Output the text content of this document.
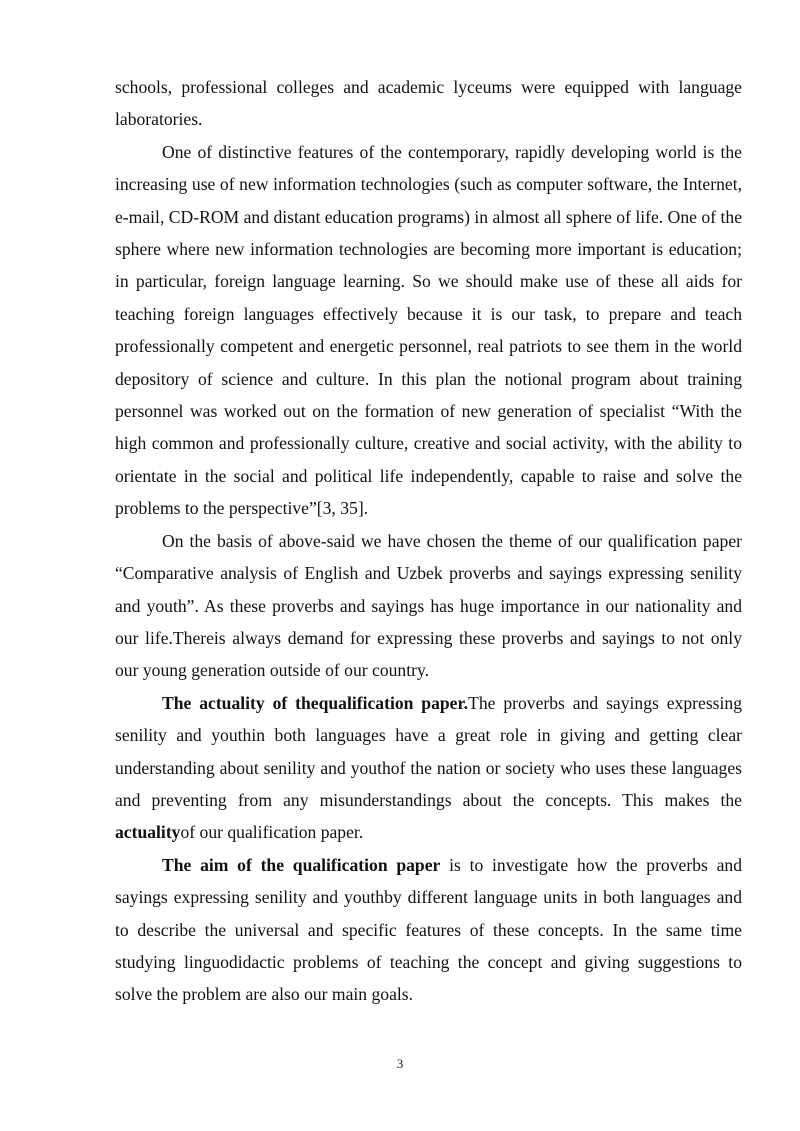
schools, professional colleges and academic lyceums were equipped with language laboratories.

One of distinctive features of the contemporary, rapidly developing world is the increasing use of new information technologies (such as computer software, the Internet, e-mail, CD-ROM and distant education programs) in almost all sphere of life. One of the sphere where new information technologies are becoming more important is education; in particular, foreign language learning. So we should make use of these all aids for teaching foreign languages effectively because it is our task, to prepare and teach professionally competent and energetic personnel, real patriots to see them in the world depository of science and culture. In this plan the notional program about training personnel was worked out on the formation of new generation of specialist “With the high common and professionally culture, creative and social activity, with the ability to orientate in the social and political life independently, capable to raise and solve the problems to the perspective”[3, 35].

On the basis of above-said we have chosen the theme of our qualification paper “Comparative analysis of English and Uzbek proverbs and sayings expressing senility and youth”. As these proverbs and sayings has huge importance in our nationality and our life.Thereis always demand for expressing these proverbs and sayings to not only our young generation outside of our country.

The actuality of thequalification paper.The proverbs and sayings expressing senility and youthin both languages have a great role in giving and getting clear understanding about senility and youthof the nation or society who uses these languages and preventing from any misunderstandings about the concepts. This makes the actualityof our qualification paper.

The aim of the qualification paper is to investigate how the proverbs and sayings expressing senility and youthby different language units in both languages and to describe the universal and specific features of these concepts. In the same time studying linguodidactic problems of teaching the concept and giving suggestions to solve the problem are also our main goals.

3
